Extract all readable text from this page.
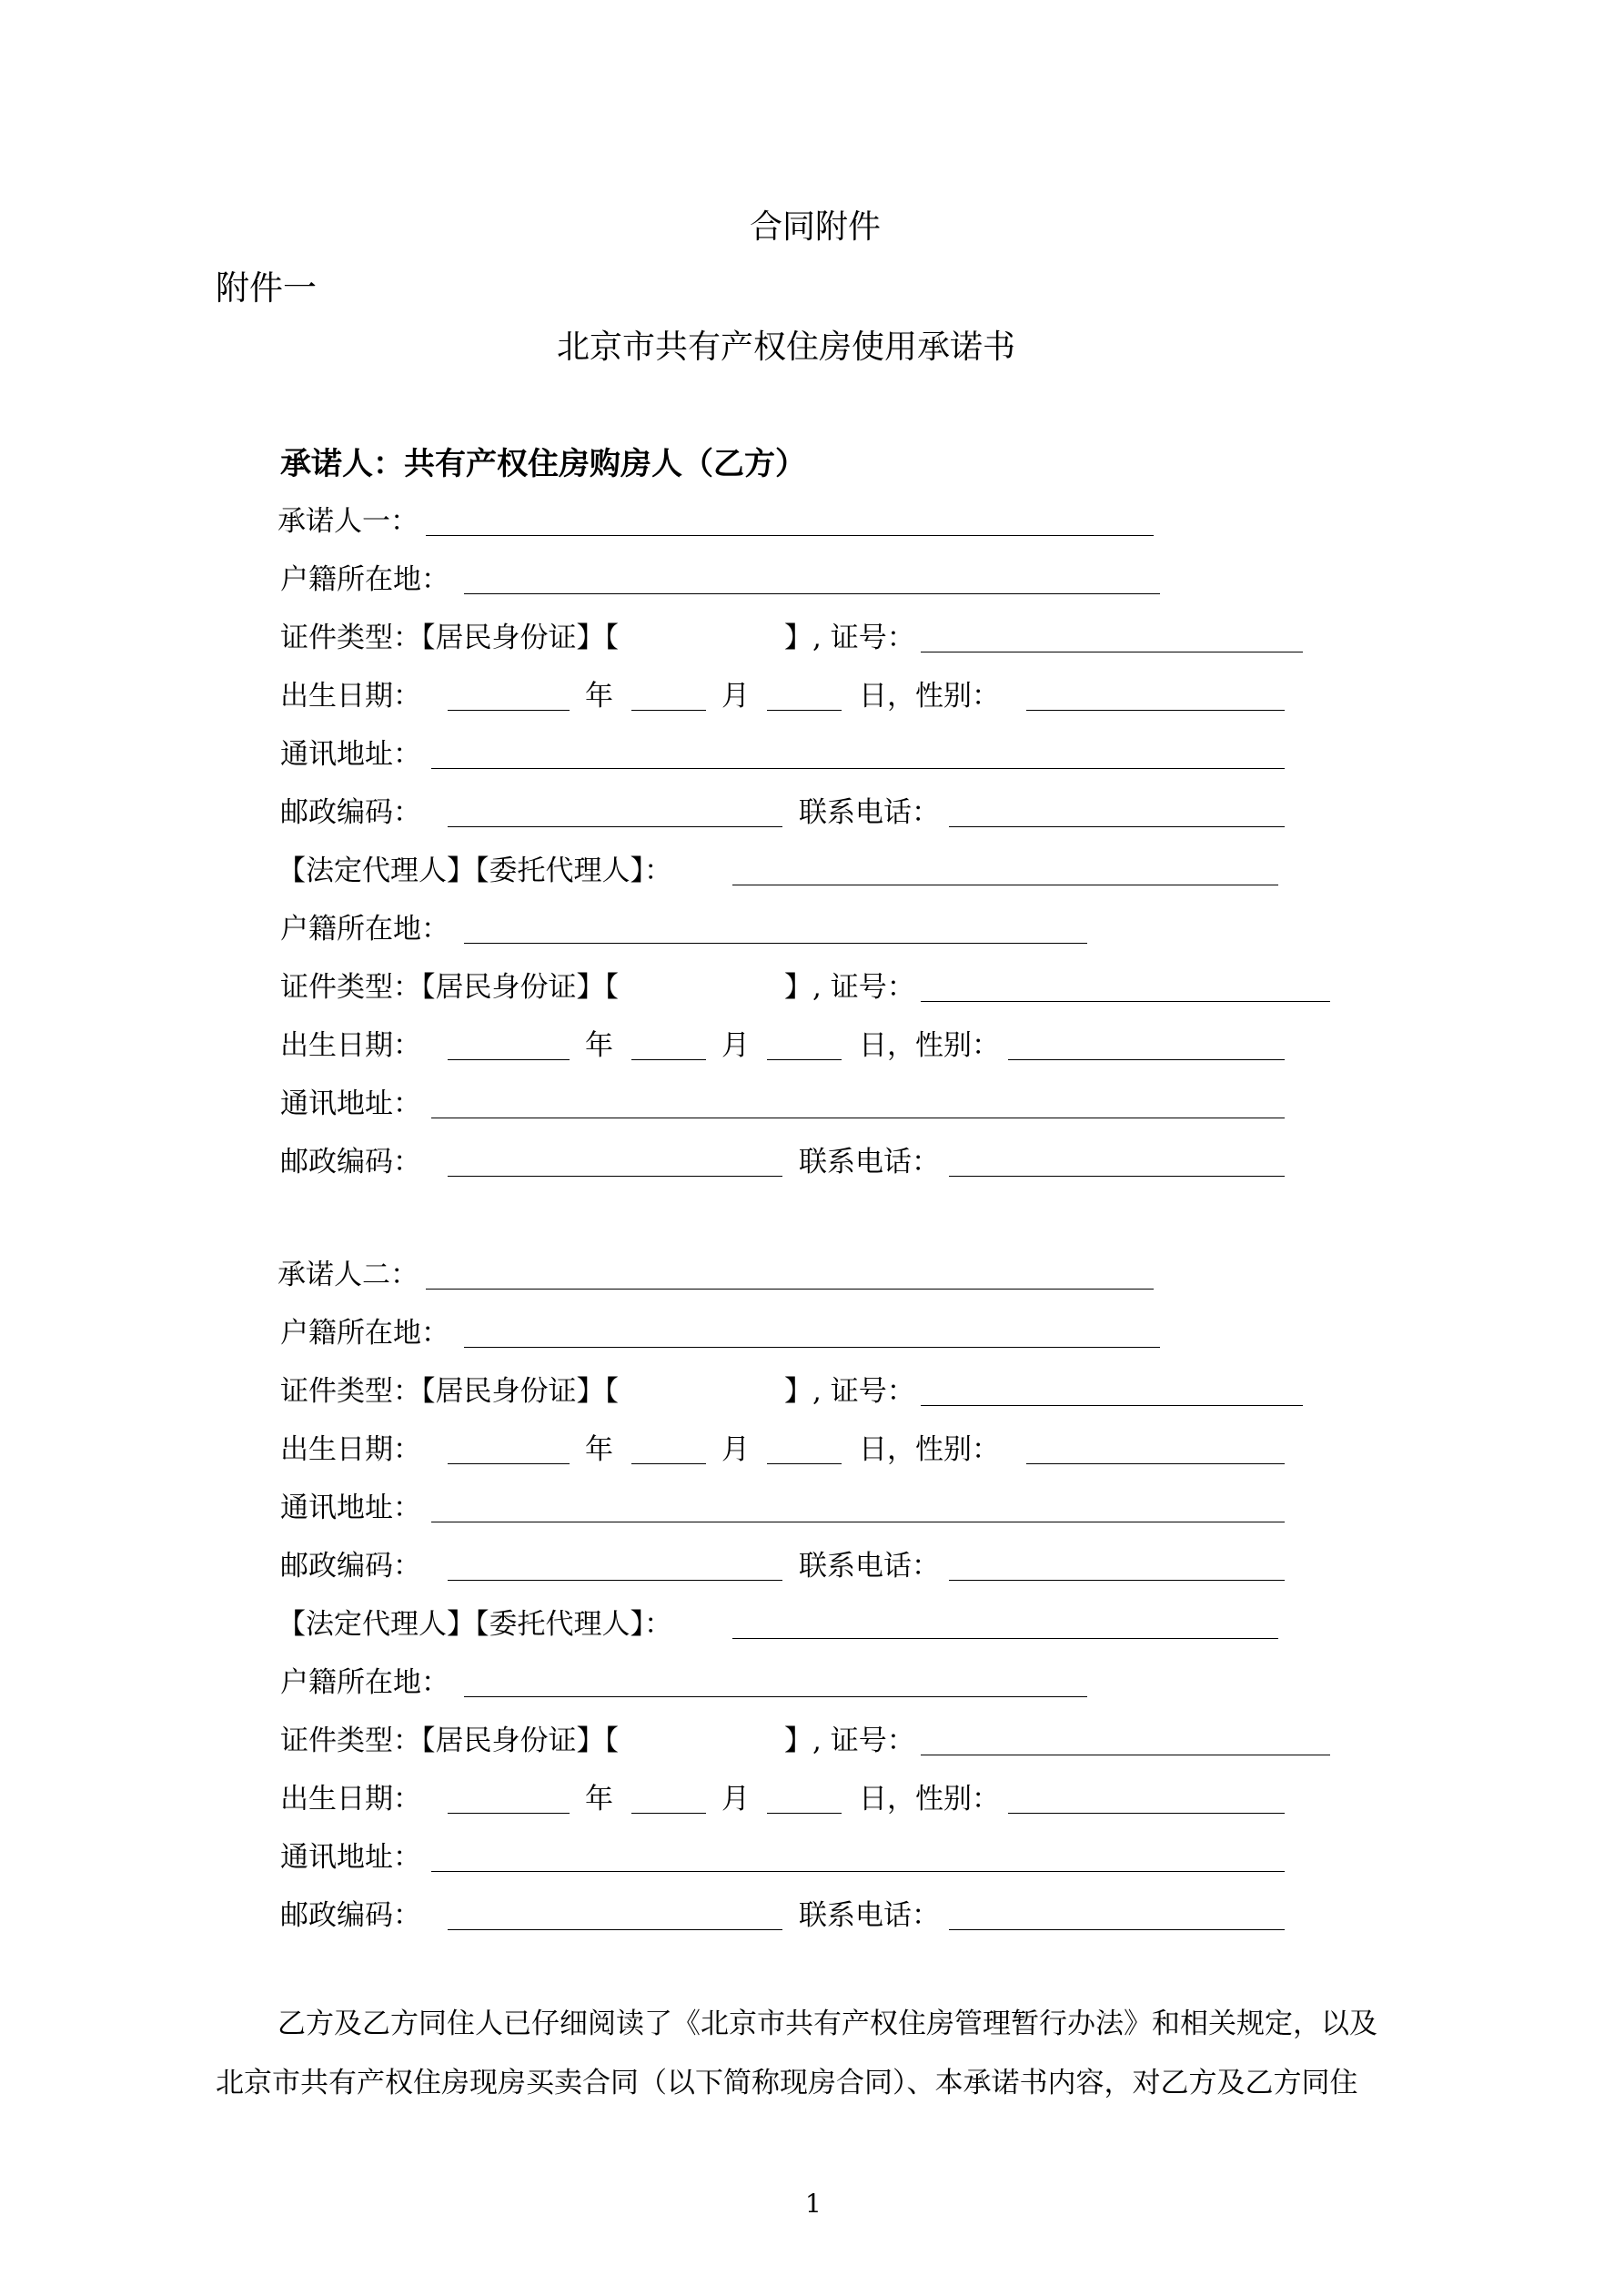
合同附件
附件一
北京市共有产权住房使用承诺书
承诺人：共有产权住房购房人（乙方）
承诺人一：
户籍所在地：
证件类型：【居民身份证】【	】, 证号：
出生日期：	年	月	日，性别：
通讯地址：
邮政编码：	联系电话：
【法定代理人】【委托代理人】：
户籍所在地：
证件类型：【居民身份证】【	】, 证号：
出生日期：	年	月	日，性别：
通讯地址：
邮政编码：	联系电话：
承诺人二：
户籍所在地：
证件类型：【居民身份证】【	】, 证号：
出生日期：	年	月	日，性别：
通讯地址：
邮政编码：	联系电话：
【法定代理人】【委托代理人】：
户籍所在地：
证件类型：【居民身份证】【	】, 证号：
出生日期：	年	月	日，性别：
通讯地址：
邮政编码：	联系电话：
乙方及乙方同住人已仔细阅读了《北京市共有产权住房管理暂行办法》和相关规定，以及
北京市共有产权住房现房买卖合同（以下简称现房合同）、本承诺书内容，对乙方及乙方同住
1
